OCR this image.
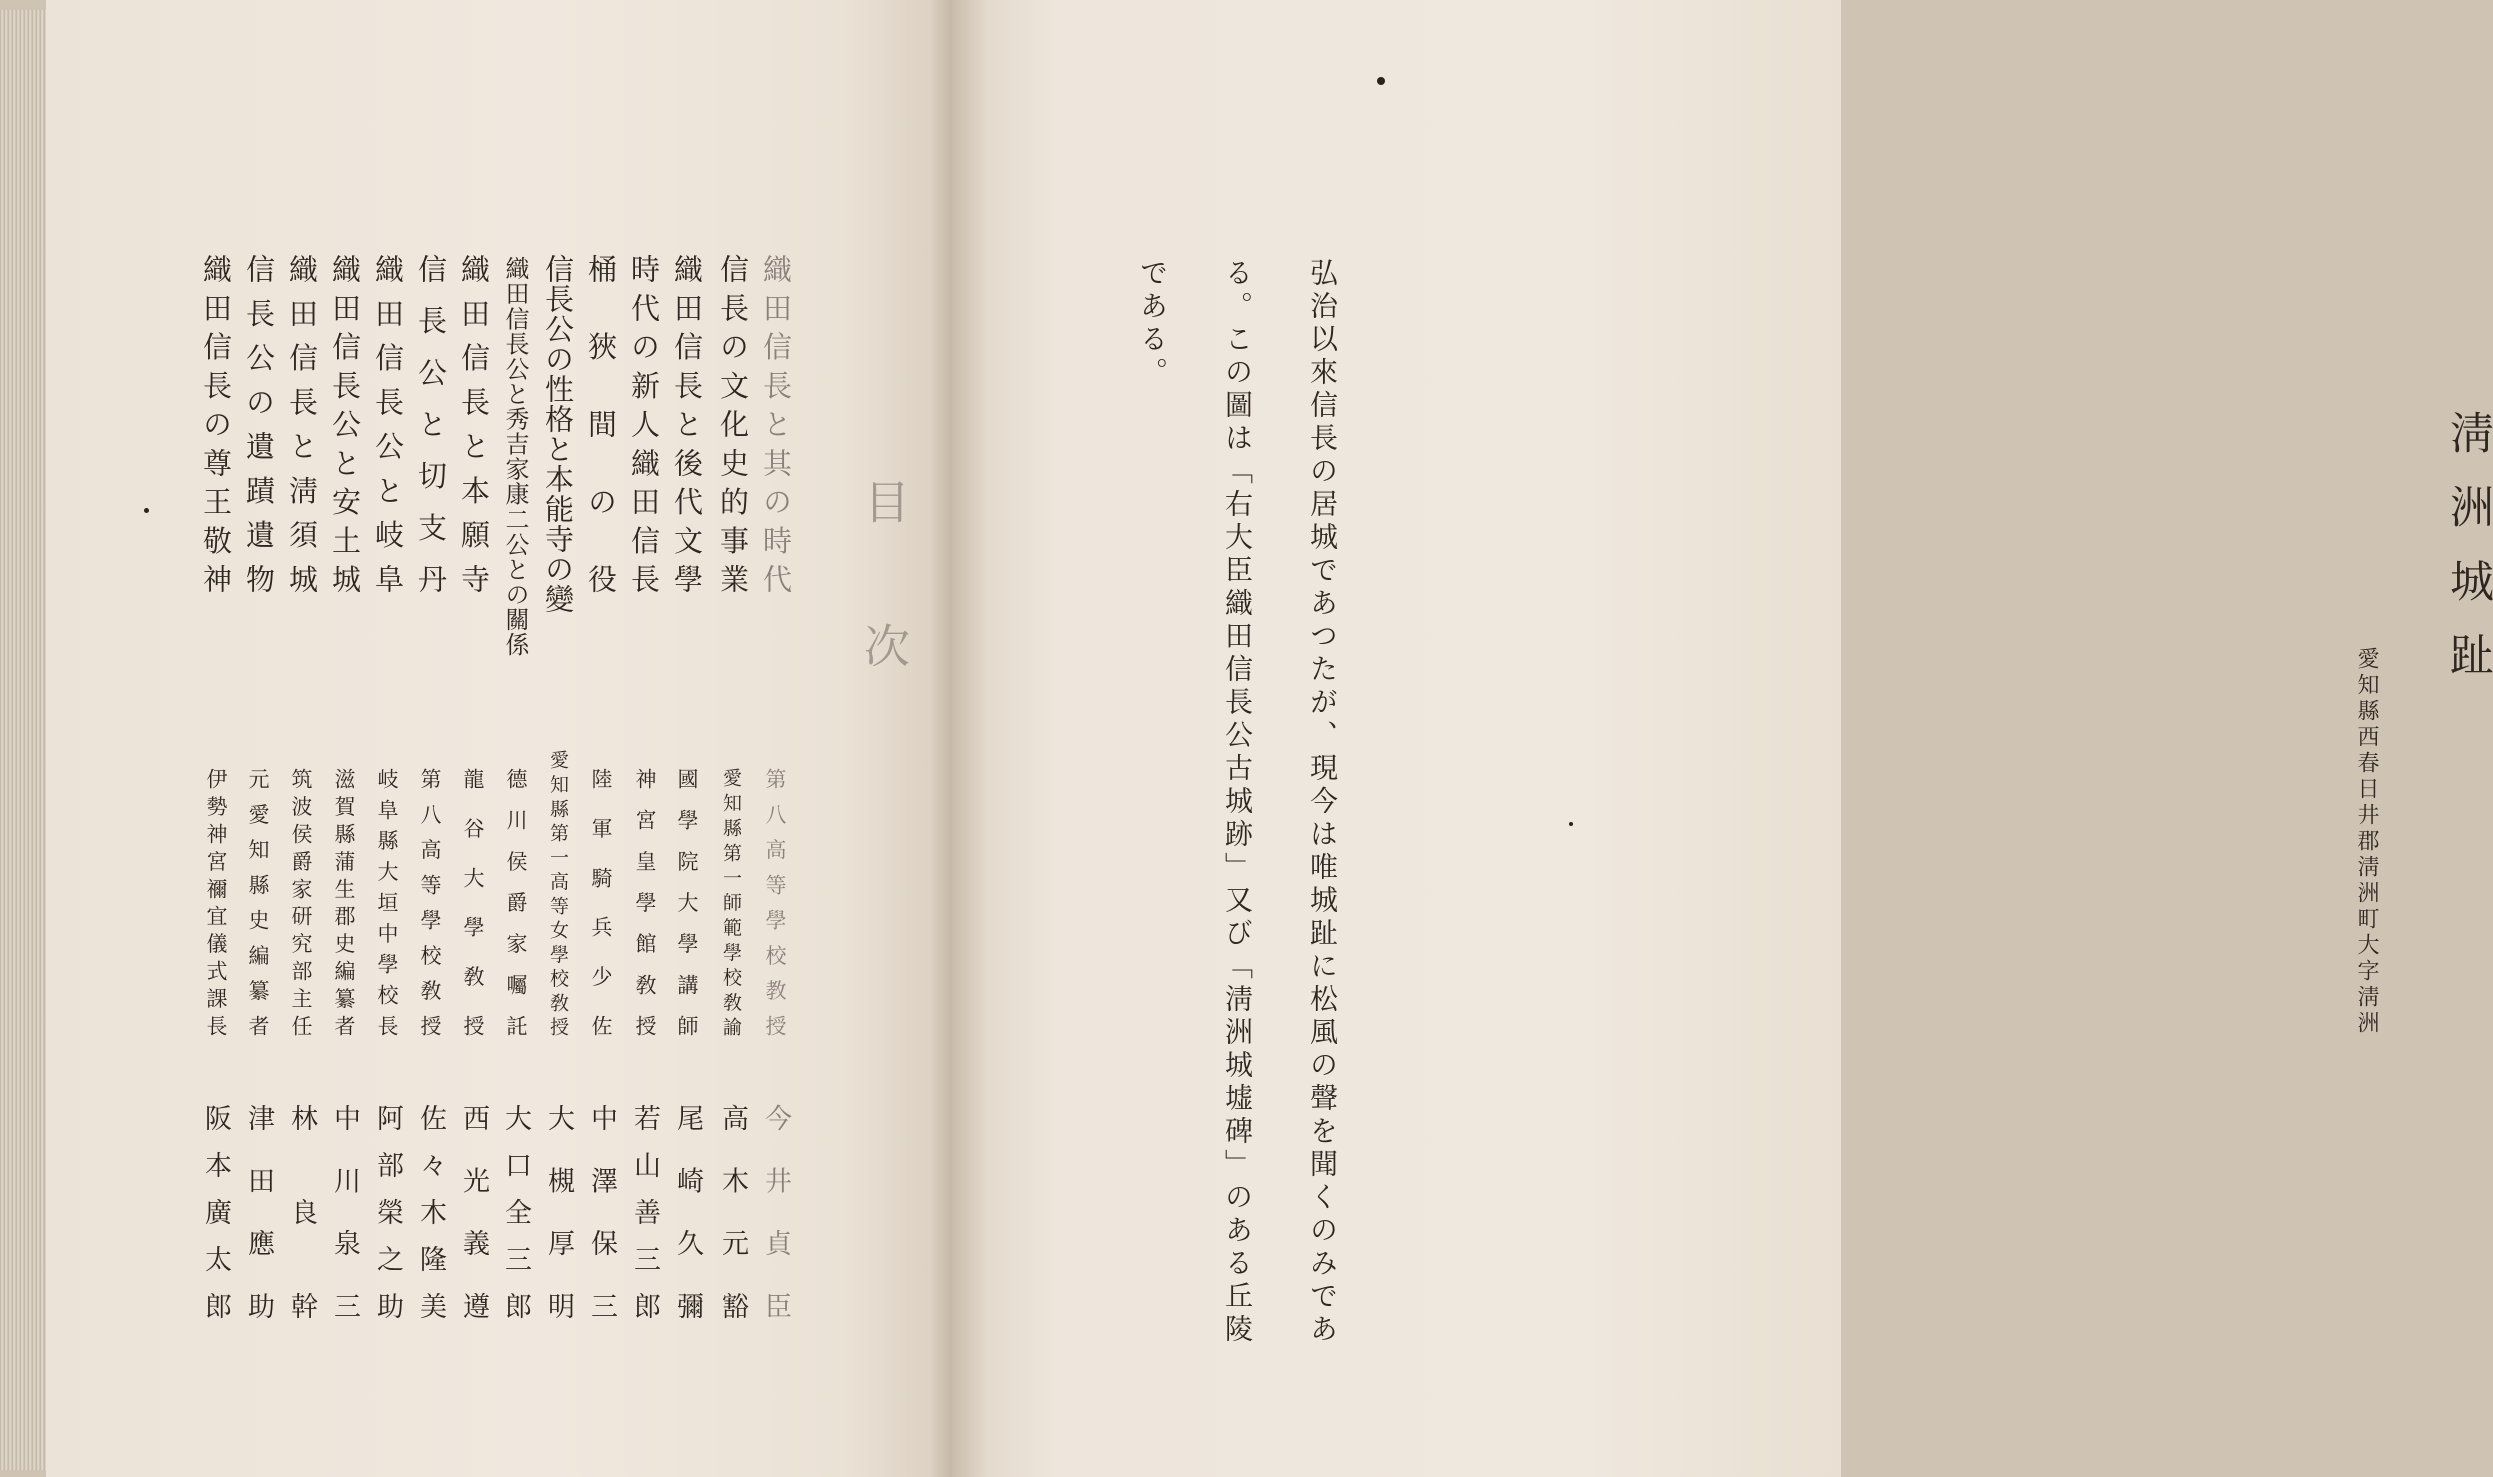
目次
織田信長と其の時代
信長の文化史的事業
織田信長と後代文學
時代の新人織田信長
桶狹間の役
信長公の性格と本能寺の變
織田信長公と秀吉家康二公との關係
織田信長と本願寺
信長公と切支丹
織田信長公と岐阜
織田信長公と安土城
織田信長と淸須城
信長公の遺蹟遺物
織田信長の尊王敬神
第八高等學校教授
愛知縣第一師範學校敎諭
國學院大學講師
神宮皇學館敎授
陸軍騎兵少佐
愛知縣第一高等女學校敎授
德川侯爵家囑託
龍谷大學敎授
第八高等學校敎授
岐阜縣大垣中學校長
滋賀縣蒲生郡史編纂者
筑波侯爵家研究部主任
元愛知縣史編纂者
伊勢神宮禰宜儀式課長
今井貞臣
高木元豁
尾崎久彌
若山善三郎
中澤保三
大槻厚明
大口全三郎
西光義遵
佐々木隆美
阿部榮之助
中川泉三
林良幹
津田應助
阪本廣太郎
淸洲城趾
愛知縣西春日井郡淸洲町大字淸洲
弘治以來信長の居城であつたが、現今は唯城趾に松風の聲を聞くのみであ
る。この圖は「右大臣織田信長公古城跡」又び「淸洲城墟碑」のある丘陵
である。
